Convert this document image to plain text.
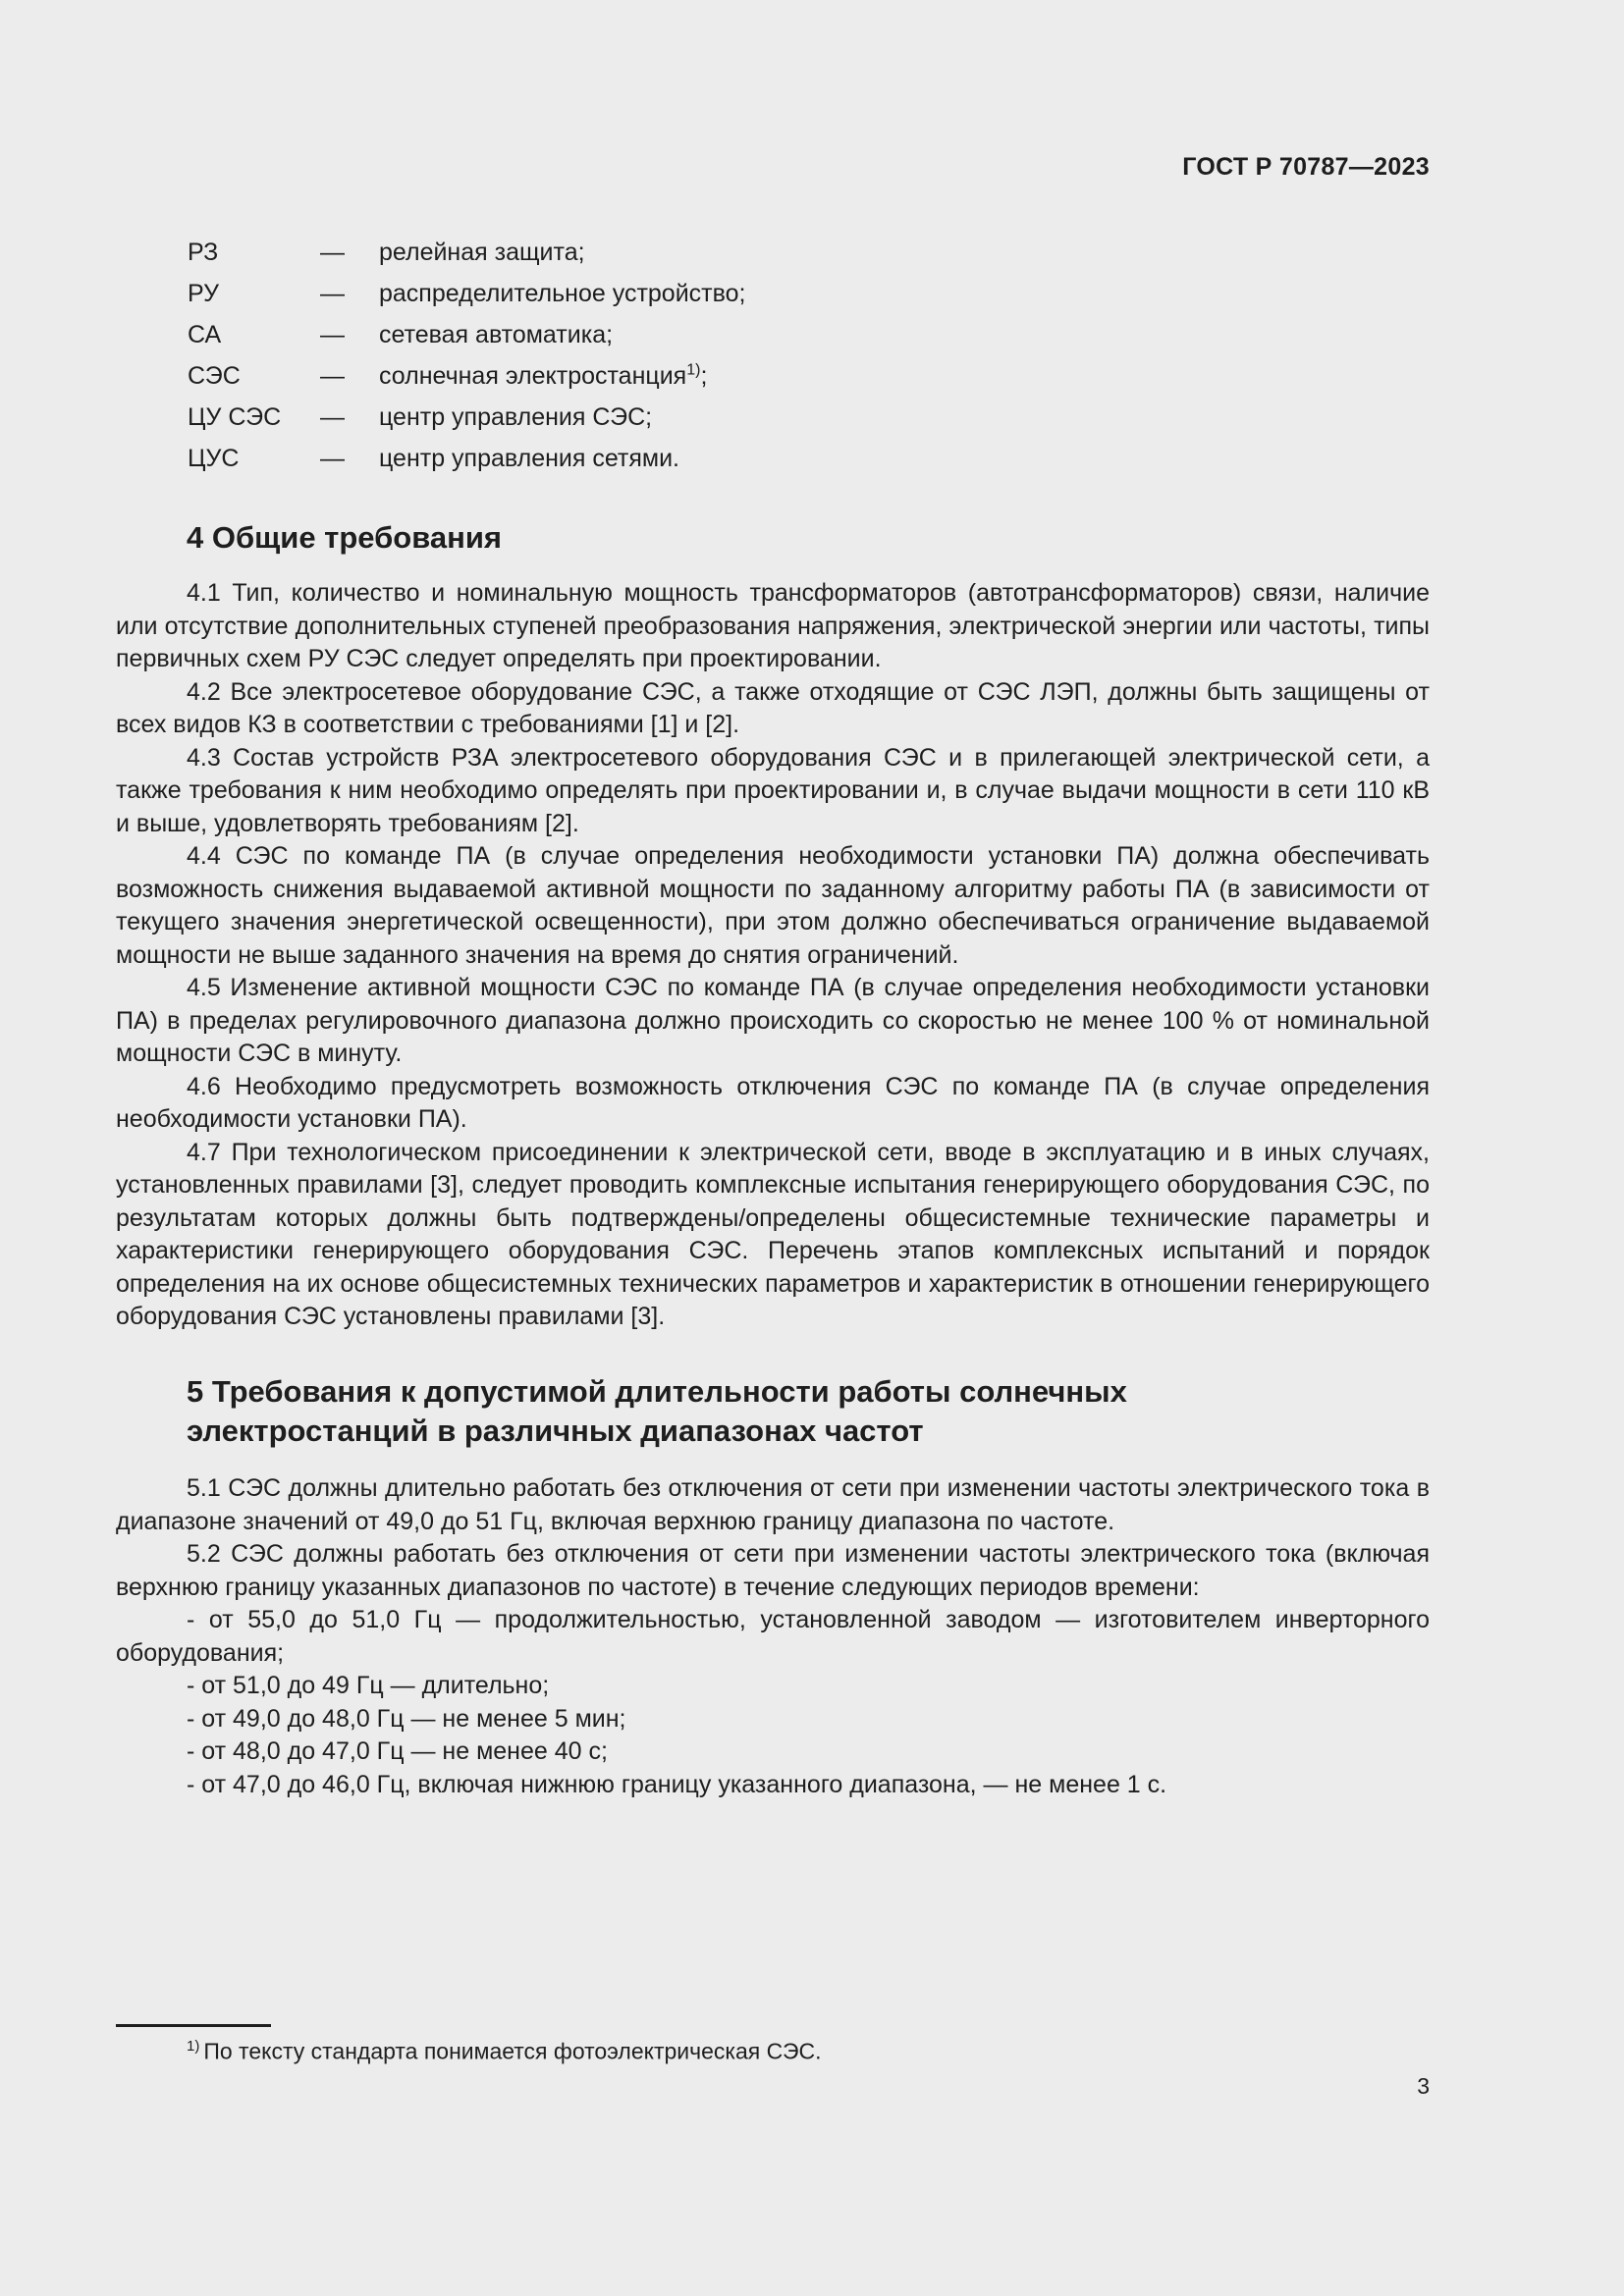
ГОСТ Р 70787—2023
РЗ	—	релейная защита;
РУ	—	распределительное устройство;
СА	—	сетевая автоматика;
СЭС	—	солнечная электростанция$^{1)}$;
ЦУ СЭС	—	центр управления СЭС;
ЦУС	—	центр управления сетями.
4 Общие требования

4.1 Тип, количество и номинальную мощность трансформаторов (автотрансформаторов) связи, наличие или отсутствие дополнительных ступеней преобразования напряжения, электрической энергии или частоты, типы первичных схем РУ СЭС следует определять при проектировании.

4.2 Все электросетевое оборудование СЭС, а также отходящие от СЭС ЛЭП, должны быть защищены от всех видов КЗ в соответствии с требованиями [1] и [2].

4.3 Состав устройств РЗА электросетевого оборудования СЭС и в прилегающей электрической сети, а также требования к ним необходимо определять при проектировании и, в случае выдачи мощности в сети 110 кВ и выше, удовлетворять требованиям [2].

4.4 СЭС по команде ПА (в случае определения необходимости установки ПА) должна обеспечивать возможность снижения выдаваемой активной мощности по заданному алгоритму работы ПА (в зависимости от текущего значения энергетической освещенности), при этом должно обеспечиваться ограничение выдаваемой мощности не выше заданного значения на время до снятия ограничений.

4.5 Изменение активной мощности СЭС по команде ПА (в случае определения необходимости установки ПА) в пределах регулировочного диапазона должно происходить со скоростью не менее 100 % от номинальной мощности СЭС в минуту.

4.6 Необходимо предусмотреть возможность отключения СЭС по команде ПА (в случае определения необходимости установки ПА).

4.7 При технологическом присоединении к электрической сети, вводе в эксплуатацию и в иных случаях, установленных правилами [3], следует проводить комплексные испытания генерирующего оборудования СЭС, по результатам которых должны быть подтверждены/определены общесистемные технические параметры и характеристики генерирующего оборудования СЭС. Перечень этапов комплексных испытаний и порядок определения на их основе общесистемных технических параметров и характеристик в отношении генерирующего оборудования СЭС установлены правилами [3].

5 Требования к допустимой длительности работы солнечных
электростанций в различных диапазонах частот

5.1 СЭС должны длительно работать без отключения от сети при изменении частоты электрического тока в диапазоне значений от 49,0 до 51 Гц, включая верхнюю границу диапазона по частоте.

5.2 СЭС должны работать без отключения от сети при изменении частоты электрического тока (включая верхнюю границу указанных диапазонов по частоте) в течение следующих периодов времени:

- от 55,0 до 51,0 Гц — продолжительностью, установленной заводом — изготовителем инверторного оборудования;

- от 51,0 до 49 Гц — длительно;

- от 49,0 до 48,0 Гц — не менее 5 мин;

- от 48,0 до 47,0 Гц — не менее 40 с;

- от 47,0 до 46,0 Гц, включая нижнюю границу указанного диапазона, — не менее 1 с.

$^{1)}$ По тексту стандарта понимается фотоэлектрическая СЭС.
3
